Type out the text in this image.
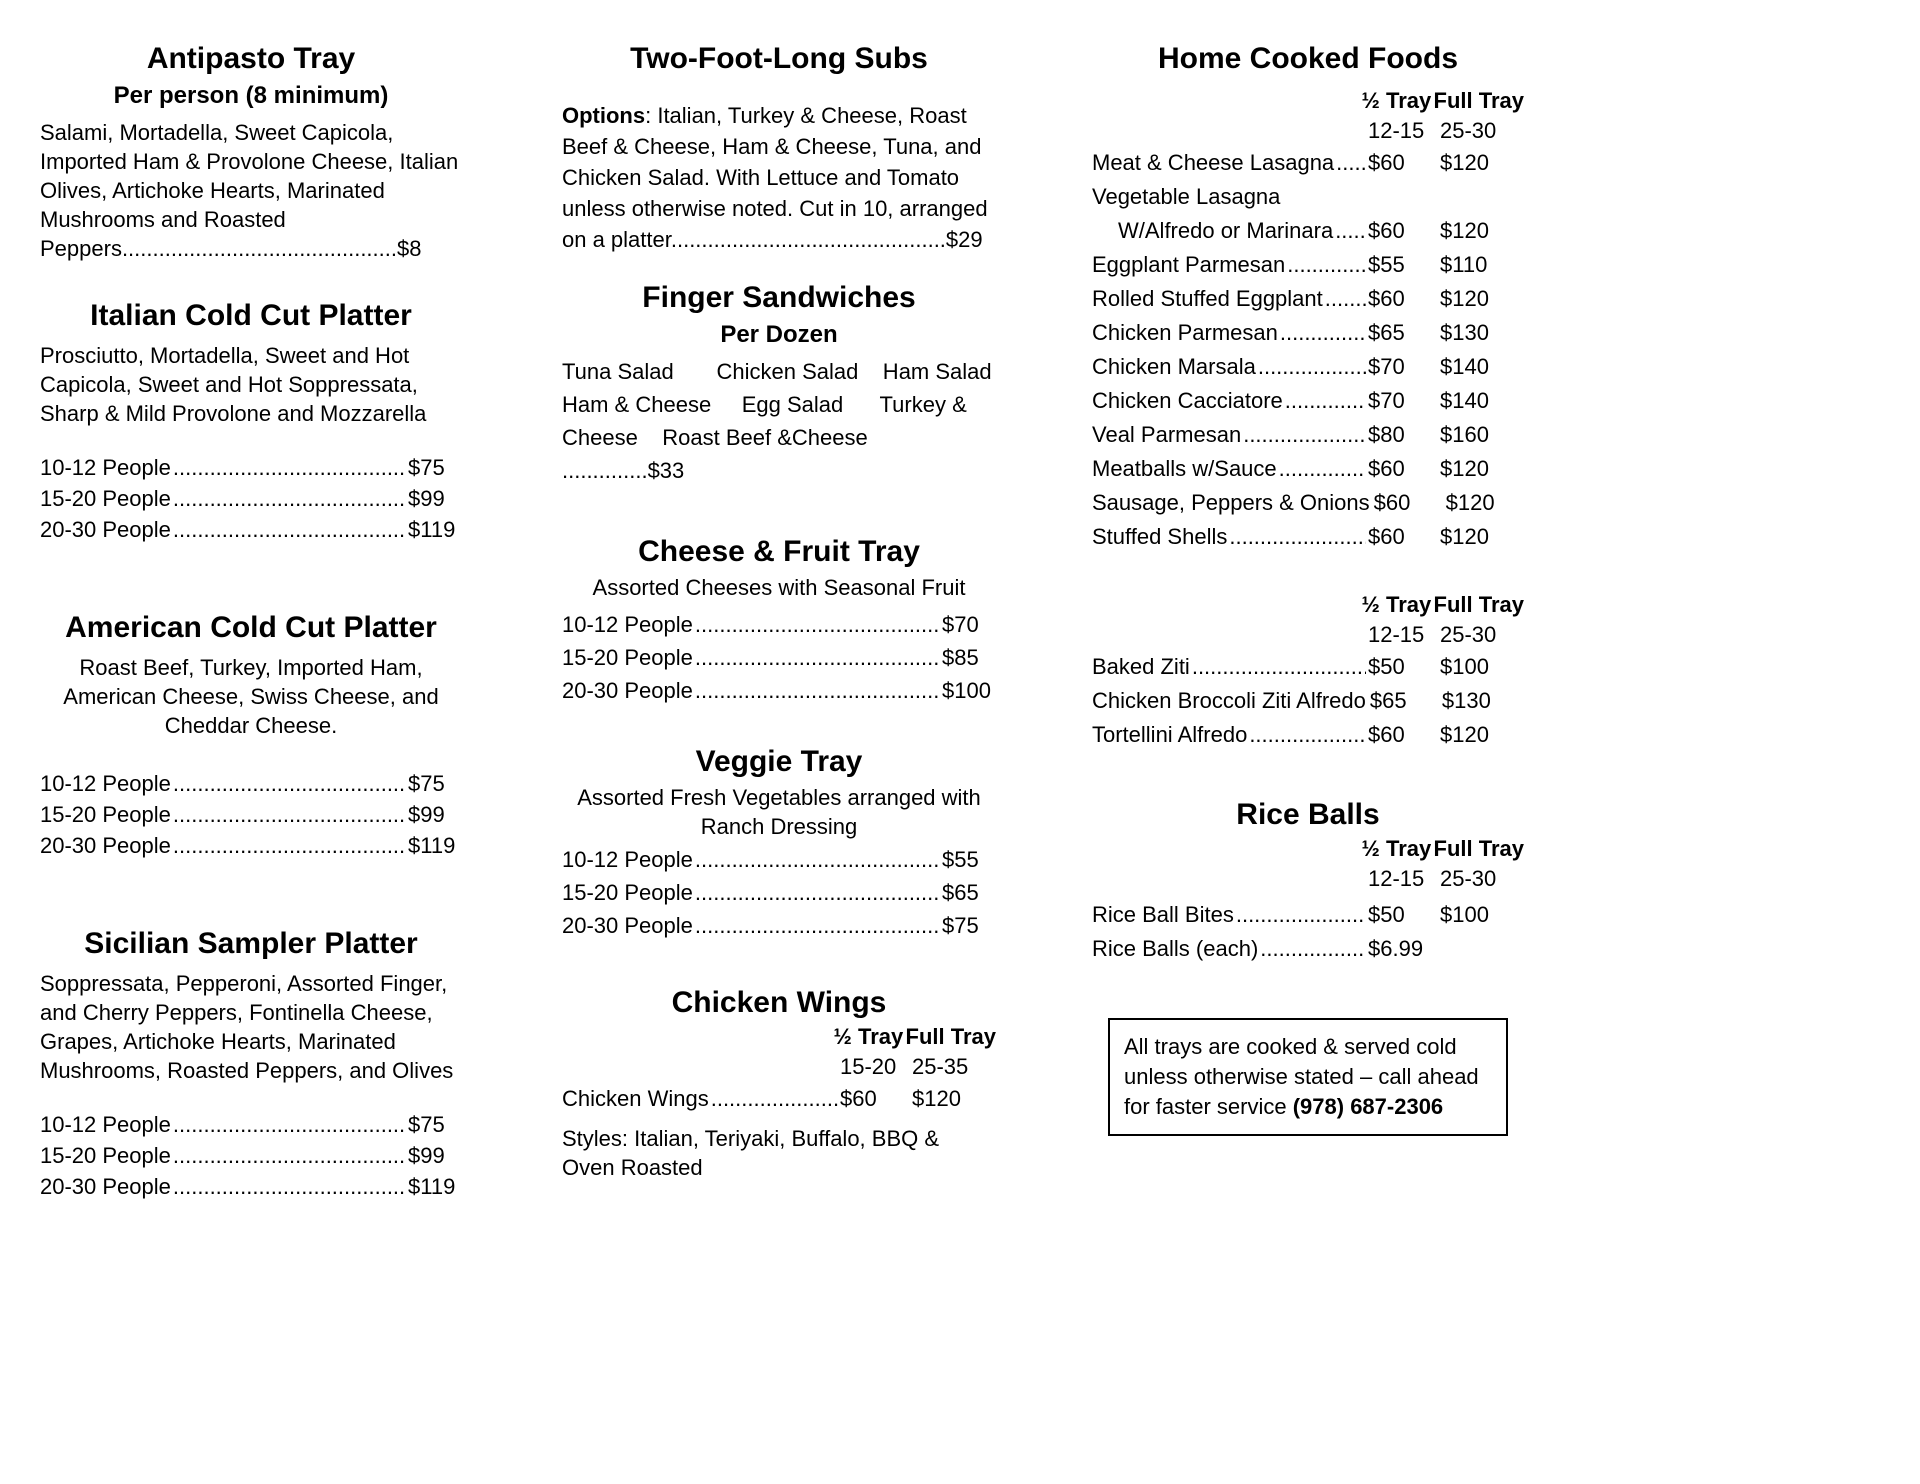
Antipasto Tray
Per person (8 minimum)

Salami, Mortadella, Sweet Capicola, Imported Ham & Provolone Cheese, Italian Olives, Artichoke Hearts, Marinated Mushrooms and Roasted Peppers.............................................$8

Italian Cold Cut Platter

Prosciutto, Mortadella, Sweet and Hot Capicola, Sweet and Hot Soppressata, Sharp & Mild Provolone and Mozzarella

10-12 People .....	$75
15-20 People .....	$99
20-30 People .....	$119
American Cold Cut Platter

Roast Beef, Turkey, Imported Ham, American Cheese, Swiss Cheese, and Cheddar Cheese.

10-12 People .....	$75
15-20 People .....	$99
20-30 People .....	$119
Sicilian Sampler Platter

Soppressata, Pepperoni, Assorted Finger, and Cherry Peppers, Fontinella Cheese, Grapes, Artichoke Hearts, Marinated Mushrooms, Roasted Peppers, and Olives

10-12 People .....	$75
15-20 People .....	$99
20-30 People .....	$119
Two-Foot-Long Subs

Options: Italian, Turkey & Cheese, Roast Beef & Cheese, Ham & Cheese, Tuna, and Chicken Salad. With Lettuce and Tomato unless otherwise noted. Cut in 10, arranged on a platter.............................................$29

Finger Sandwiches
Per Dozen
Tuna Salad       Chicken Salad    Ham Salad
Ham & Cheese     Egg Salad      Turkey &
Cheese    Roast Beef &Cheese ..............$33
Cheese & Fruit Tray
Assorted Cheeses with Seasonal Fruit
10-12 People .....	$70
15-20 People .....	$85
20-30 People .....	$100
Veggie Tray
Assorted Fresh Vegetables arranged with Ranch Dressing
10-12 People .....	$55
15-20 People .....	$65
20-30 People .....	$75
Chicken Wings
½ Tray Full Tray
15-20 25-35
Chicken Wings .....	$60	$120

Styles: Italian, Teriyaki, Buffalo, BBQ & Oven Roasted

Home Cooked Foods
½ Tray Full Tray
12-15 25-30
Meat & Cheese Lasagna ..... $60	$120
Vegetable Lasagna
W/Alfredo or Marinara ..... $60	$120
Eggplant Parmesan .....	$55	$110
Rolled Stuffed Eggplant ..... $60	$120
Chicken Parmesan .....	$65	$130
Chicken Marsala .....	$70	$140
Chicken Cacciatore .....	$70	$140
Veal Parmesan .....	$80	$160
Meatballs w/Sauce .....	$60	$120
Sausage, Peppers & Onions $60	$120
Stuffed Shells .....	$60	$120
½ Tray Full Tray
12-15 25-30
Baked Ziti .....	$50	$100
Chicken Broccoli Ziti Alfredo $65	$130
Tortellini Alfredo .....	$60	$120
Rice Balls
½ Tray Full Tray
12-15 25-30
Rice Ball Bites .....	$50	$100
Rice Balls (each) .....	$6.99
All trays are cooked & served cold unless otherwise stated – call ahead for faster service (978) 687-2306
